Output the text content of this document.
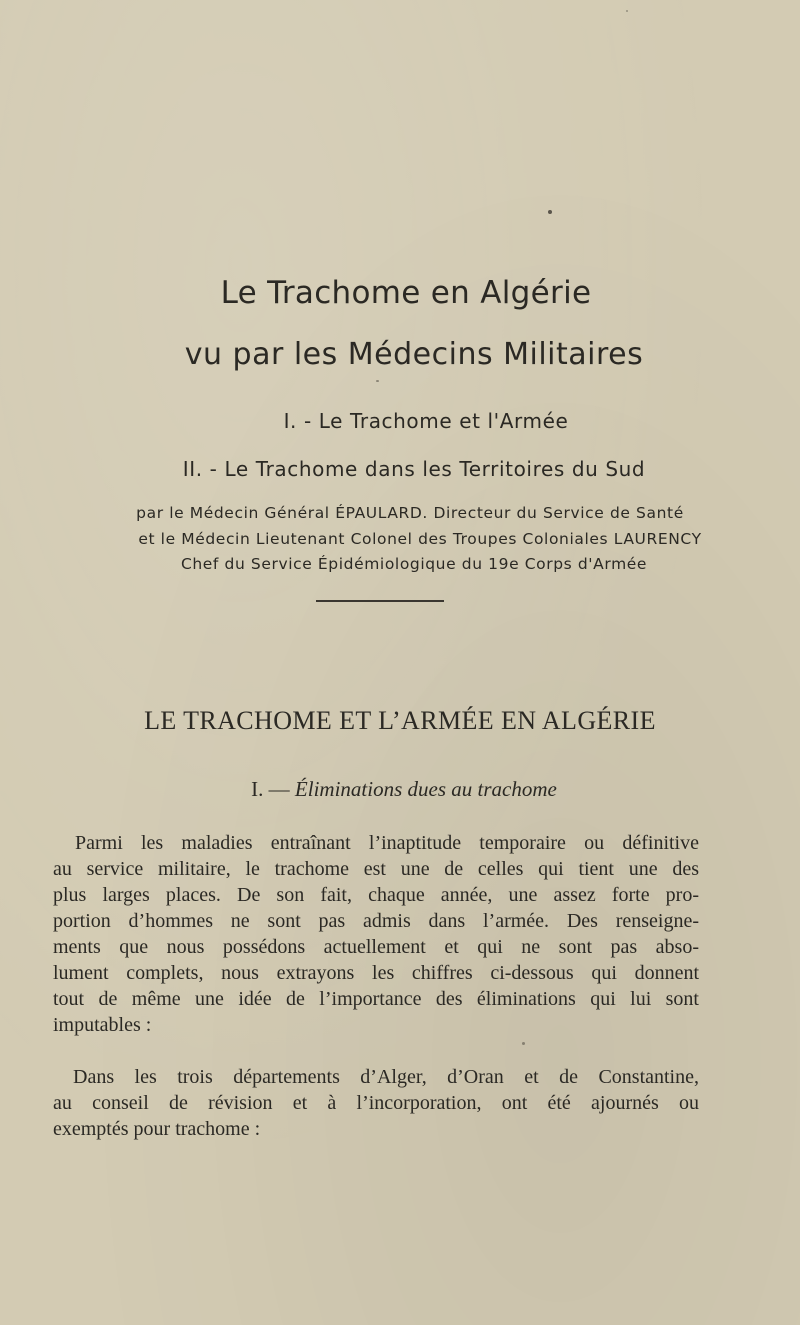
Le Trachome en Algérie
vu par les Médecins Militaires
I. - Le Trachome et l'Armée
II. - Le Trachome dans les Territoires du Sud
par le Médecin Général ÉPAULARD. Directeur du Service de Santé
et le Médecin Lieutenant Colonel des Troupes Coloniales LAURENCY
Chef du Service Épidémiologique du 19e Corps d'Armée
LE TRACHOME ET L’ARMÉE EN ALGÉRIE
I. — Éliminations dues au trachome
Parmi les maladies entraînant l’inaptitude temporaire ou définitive
au service militaire, le trachome est une de celles qui tient une des
plus larges places. De son fait, chaque année, une assez forte pro-
portion d’hommes ne sont pas admis dans l’armée. Des renseigne-
ments que nous possédons actuellement et qui ne sont pas abso-
lument complets, nous extrayons les chiffres ci-dessous qui donnent
tout de même une idée de l’importance des éliminations qui lui sont
imputables :
Dans les trois départements d’Alger, d’Oran et de Constantine,
au conseil de révision et à l’incorporation, ont été ajournés ou
exemptés pour trachome :
